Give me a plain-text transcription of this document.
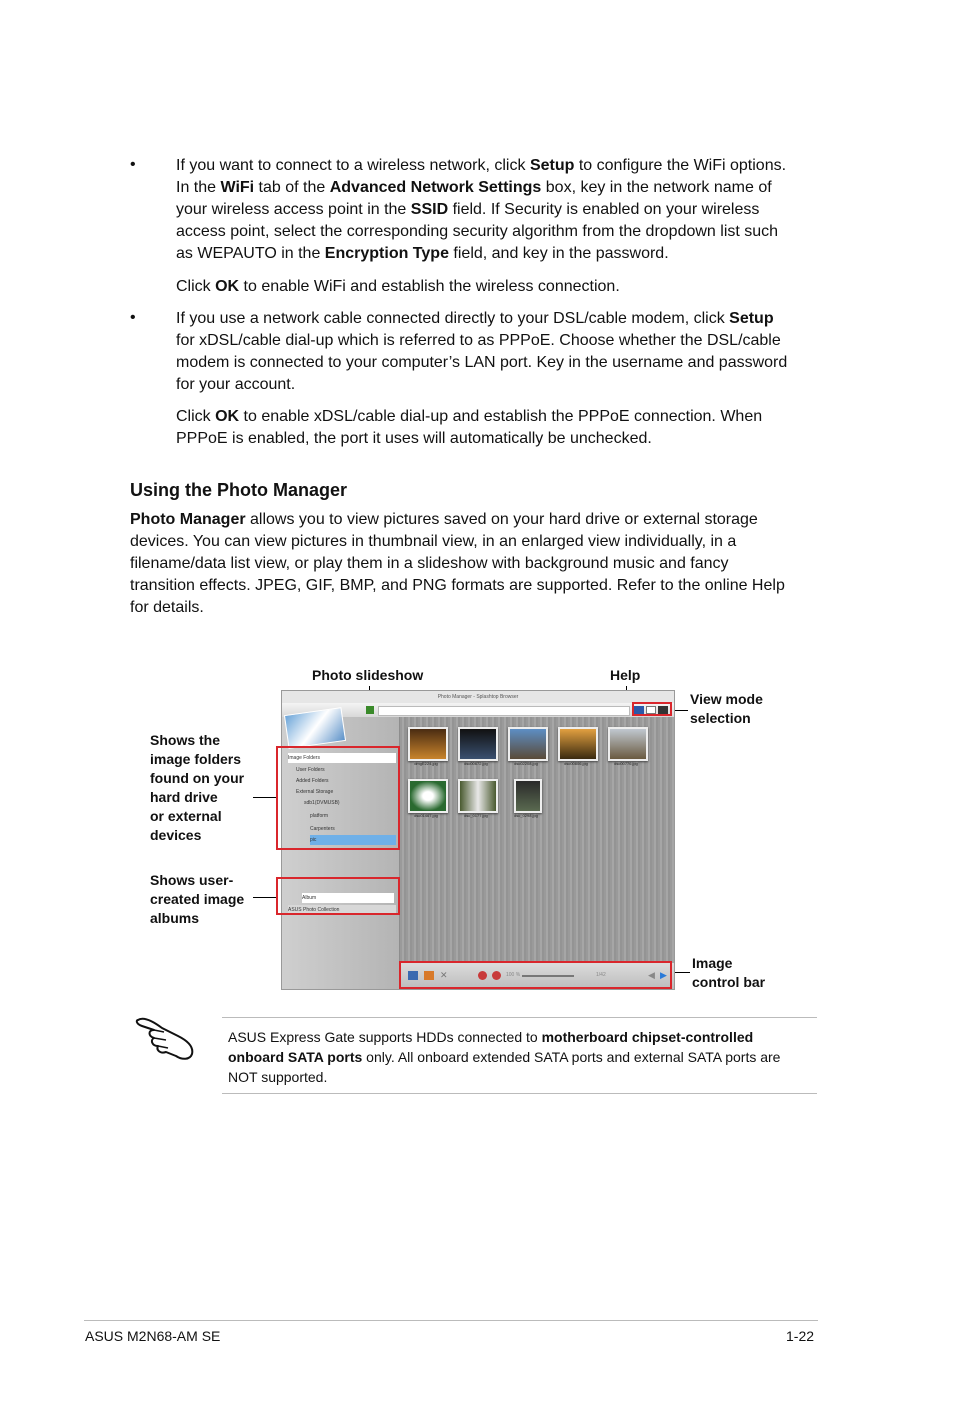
•	If you want to connect to a wireless network, click Setup to configure the WiFi options.
In the WiFi tab of the Advanced Network Settings box, key in the network name of
your wireless access point in the SSID field. If Security is enabled on your wireless
access point, select the corresponding security algorithm from the dropdown list such
as WEPAUTO in the Encryption Type field, and key in the password.
Click OK to enable WiFi and establish the wireless connection.
•	If you use a network cable connected directly to your DSL/cable modem, click Setup
for xDSL/cable dial-up which is referred to as PPPoE. Choose whether the DSL/cable
modem is connected to your computer’s LAN port. Key in the username and password
for your account.
Click OK to enable xDSL/cable dial-up and establish the PPPoE connection. When
PPPoE is enabled, the port it uses will automatically be unchecked.
Using the Photo Manager
Photo Manager allows you to view pictures saved on your hard drive or external storage
devices. You can view pictures in thumbnail view, in an enlarged view individually, in a
filename/data list view, or play them in a slideshow with background music and fancy
transition effects. JPEG, GIF, BMP, and PNG formats are supported. Refer to the online Help
for details.
Photo slideshow	Help
View mode
selection
Shows the
image folders
found on your
hard drive
or external
devices
Shows user-
created image
albums
Image
control bar
Photo Manager - Splashtop Browser
Image Folders
User Folders
Added Folders
External Storage
sdb1(DVMUSB)
platform
Carpenters
pic
Album
ASUS Photo Collection
dmgE224.jpg	dsc00672.jpg	dsc02208.jpg	dsc00806.jpg	dsc00776.jpg
dsc01467.jpg	dsc_0177.jpg	dsc_0298.jpg
✕	100 %	1/42	◀ ▶
ASUS Express Gate supports HDDs connected to motherboard chipset-controlled
onboard SATA ports only. All onboard extended SATA ports and external SATA ports are
NOT supported.
ASUS M2N68-AM SE	1-22
